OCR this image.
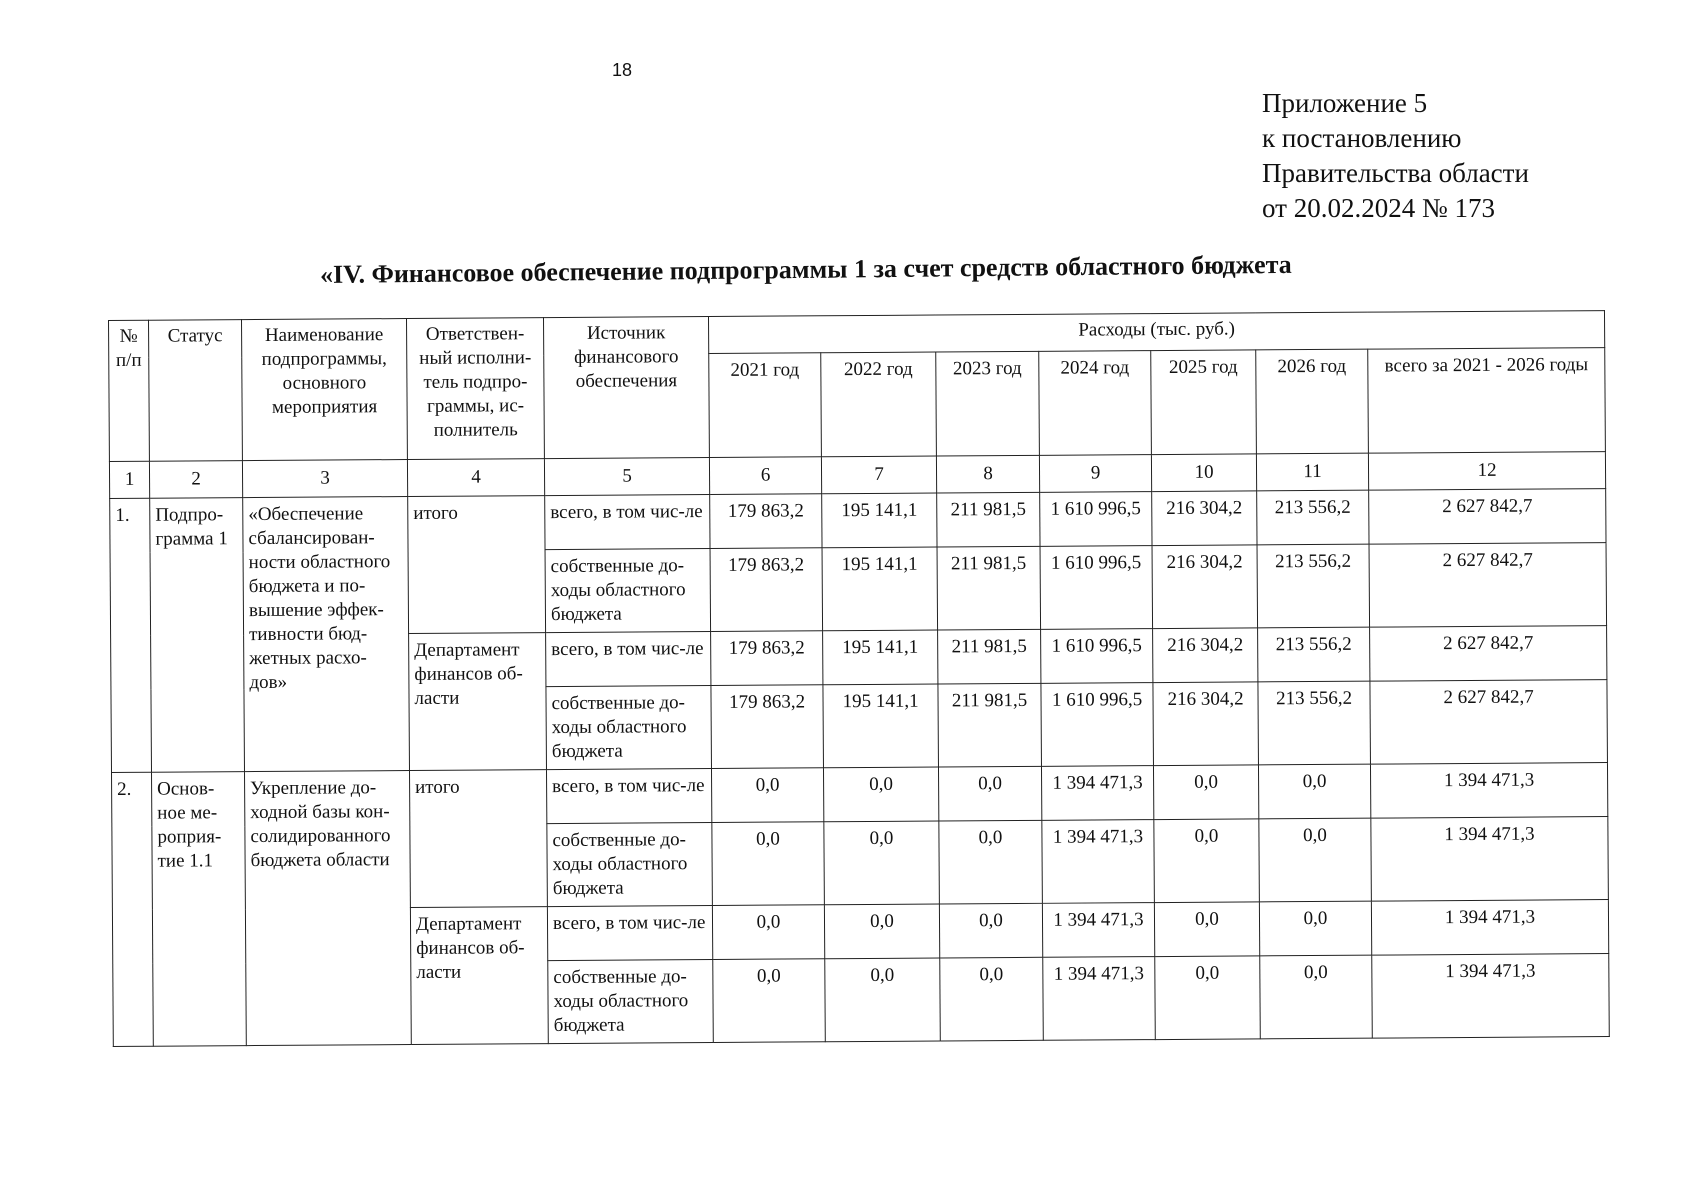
18
Приложение 5
к постановлению
Правительства области
от 20.02.2024 № 173
«IV. Финансовое обеспечение подпрограммы 1 за счет средств областного бюджета
№ п/п	Статус	Наименование подпрограммы, основного мероприятия	Ответствен-ный исполни-тель подпро-граммы, ис-полнитель	Источник финансового обеспечения	Расходы (тыс. руб.)						
					2021 год	2022 год	2023 год	2024 год	2025 год	2026 год	всего за 2021 - 2026 годы
1	2	3	4	5	6	7	8	9	10	11	12
1.	Подпро-грамма 1	«Обеспечение сбалансирован-ности областного бюджета и по-вышение эффек-тивности бюд-жетных расхо-дов»	итого	всего, в том чис-ле	179 863,2	195 141,1	211 981,5	1 610 996,5	216 304,2	213 556,2	2 627 842,7
				собственные до-ходы областного бюджета	179 863,2	195 141,1	211 981,5	1 610 996,5	216 304,2	213 556,2	2 627 842,7
			Департамент финансов об-ласти	всего, в том чис-ле	179 863,2	195 141,1	211 981,5	1 610 996,5	216 304,2	213 556,2	2 627 842,7
				собственные до-ходы областного бюджета	179 863,2	195 141,1	211 981,5	1 610 996,5	216 304,2	213 556,2	2 627 842,7
2.	Основ-ное ме-роприя-тие 1.1	Укрепление до-ходной базы кон-солидированного бюджета области	итого	всего, в том чис-ле	0,0	0,0	0,0	1 394 471,3	0,0	0,0	1 394 471,3
				собственные до-ходы областного бюджета	0,0	0,0	0,0	1 394 471,3	0,0	0,0	1 394 471,3
			Департамент финансов об-ласти	всего, в том чис-ле	0,0	0,0	0,0	1 394 471,3	0,0	0,0	1 394 471,3
				собственные до-ходы областного бюджета	0,0	0,0	0,0	1 394 471,3	0,0	0,0	1 394 471,3
